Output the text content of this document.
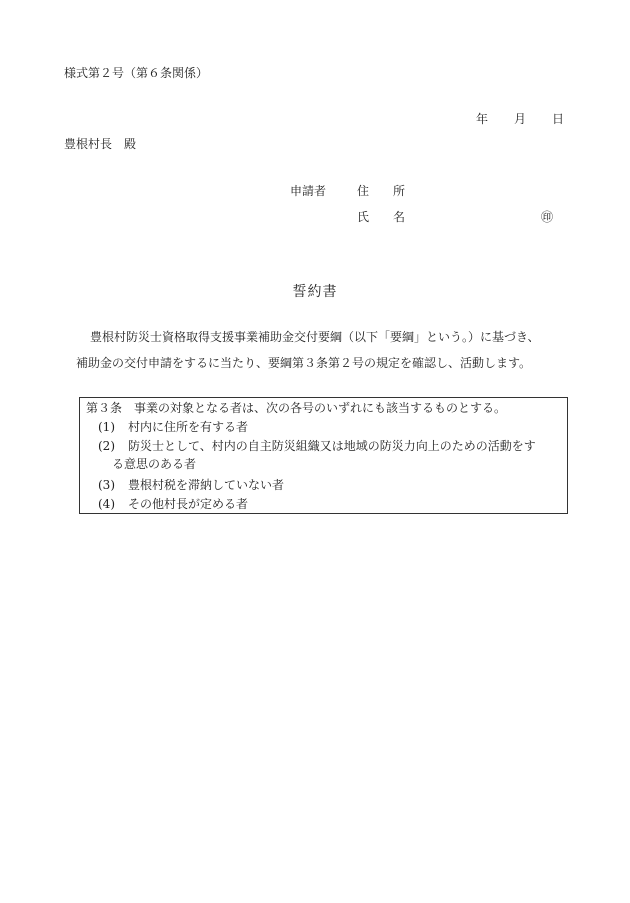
様式第２号（第６条関係）
年 月 日
豊根村長　殿
申請者	住 所
氏 名	㊞
誓約書
豊根村防災士資格取得支援事業補助金交付要綱（以下「要綱」という。）に基づき、
補助金の交付申請をするに当たり、要綱第３条第２号の規定を確認し、活動します。
第３条　事業の対象となる者は、次の各号のいずれにも該当するものとする。
(1) 村内に住所を有する者
(2) 防災士として、村内の自主防災組織又は地域の防災力向上のための活動をす
る意思のある者
(3) 豊根村税を滞納していない者
(4) その他村長が定める者
